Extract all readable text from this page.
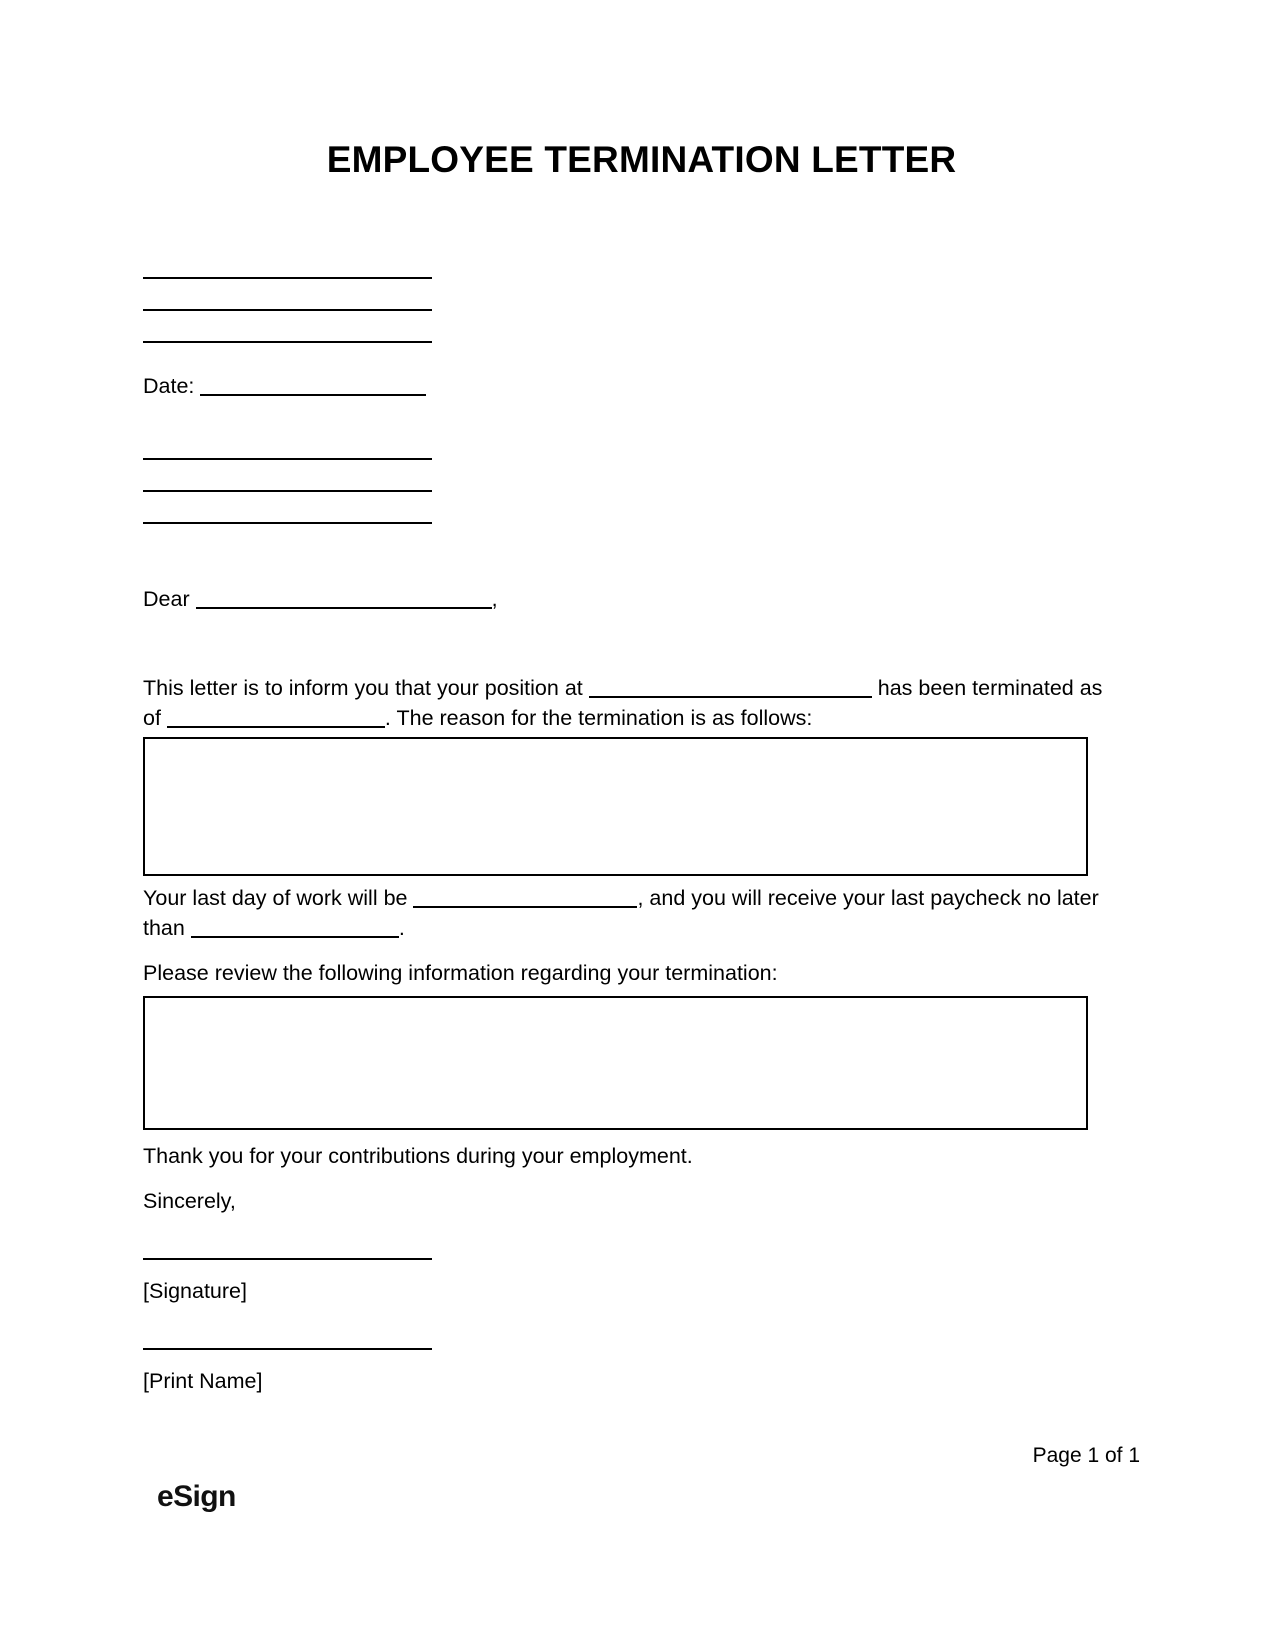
EMPLOYEE TERMINATION LETTER
Date:
Dear	,
This letter is to inform you that your position at	has been terminated as of	. The reason for the termination is as follows:
Your last day of work will be	, and you will receive your last paycheck no later than	.
Please review the following information regarding your termination:
Thank you for your contributions during your employment.
Sincerely,
[Signature]
[Print Name]
eSign
Page 1 of 1
